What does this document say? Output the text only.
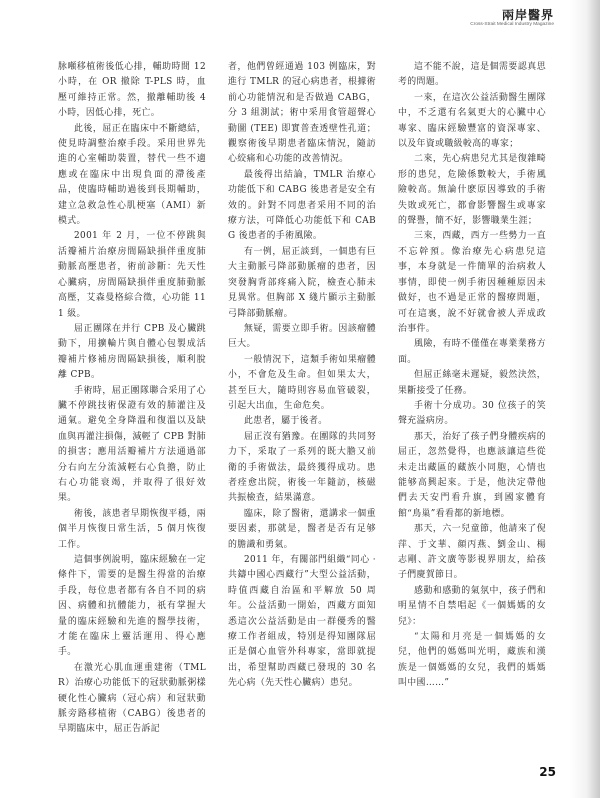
兩岸醫界
Cross-Strait Medical Industry Magazine

脉噸移植術後低心排，輔助時間 12 小時，在 OR 撤除 T-PLS 時，血壓可維持正常。然，撤離輔助後 4 小時，因低心排，死亡。

此後，屈正在臨床中不斷總結，使見時調整治療手段。采用世界先進的心室輔助裝置，替代一些不適應或在臨床中出現負面的滯後產品，使臨時輔助過後到長期輔助，建立急救急性心肌梗塞（AMI）新模式。

2001 年 2 月，一位不停跳與活瓣補片治療房間隔缺損伴重度肺動脈高壓患者，術前診斷：先天性心臟病，房間隔缺損伴重度肺動脈高壓，艾森曼格綜合徵，心功能 111 級。

屈正團隊在并行 CPB 及心臟跳動下，用擴輪片與自體心包製成活瓣補片修補房間隔缺損後，順利脫離 CPB。

手術時，屈正團隊聯合采用了心臟不停跳技術保證有效的肺灌注及通氣。避免全身降溫和復溫以及缺血與再灌注損傷，減輕了 CPB 對肺的損害；應用活瓣補片方法通過部分右向左分流減輕右心負擔，防止右心功能衰竭，并取得了很好效果。

術後，該患者早期恢復平穩，兩個半月恢復日常生活，5 個月恢復工作。

這個事例說明，臨床經驗在一定條件下，需要的是醫生得當的治療手段，每位患者都有各自不同的病因、病體和抗體能力，祇有掌握大量的臨床經驗和先進的醫學技術，才能在臨床上靈活運用、得心應手。

在激光心肌血運重建術（TMLR）治療心功能低下的冠狀動脈粥樣硬化性心臟病（冠心病）和冠狀動脈旁路移植術（CABG）後患者的早期臨床中，屈正告訴記

者，他們曾經通過 103 例臨床，對進行 TMLR 的冠心病患者，根據術前心功能情況和是否做過 CABG，分 3 組測試；術中采用食管超聲心動圖 (TEE) 即實普查透壁性孔道；觀察術後早期患者臨床情況，隨訪心絞痛和心功能的改善情況。

最後得出結論，TMLR 治療心功能低下和 CABG 後患者是安全有效的。針對不同患者采用不同的治療方法，可降低心功能低下和 CABG 後患者的手術風險。

有一例，屈正談到，一個患有巨大主動脈弓降部動脈瘤的患者，因突發胸背部疼痛入院，檢查心肺未見異常。但胸部 X 綫片顯示主動脈弓降部動脈瘤。

無疑，需要立即手術。因該瘤體巨大。

一般情況下，這類手術如果瘤體小，不會危及生命。但如果太大，甚至巨大，隨時則容易血管破裂，引起大出血，生命危矣。

此患者，屬于後者。

屈正沒有猶豫。在團隊的共同努力下，采取了一系列的既大膽又前衛的手術做法，最終獲得成功。患者痊愈出院，術後一年隨訪，核磁共振檢查，結果滿意。

臨床，除了醫術，還講求一個重要因素，那就是，醫者是否有足够的膽識和勇氣。

2011 年，有關部門組織“同心 · 共鑄中國心西藏行”大型公益活動，時值西藏自治區和平解放 50 周年。公益活動一開始，西藏方面知悉這次公益活動是由一群優秀的醫療工作者組成，特別是得知團隊屈正是個心血管外科專家，當即就提出，希望幫助西藏已發現的 30 名先心病（先天性心臟病）患兒。

這不能不說，這是個需要認真思考的問題。

一來，在這次公益活動醫生團隊中，不乏還有名氣更大的心臟中心專家、臨床經驗豐富的資深專家、以及年資或職級較高的專家；

二來，先心病患兒尤其是復雜畸形的患兒，危險係數較大，手術風險較高。無論什麽原因導致的手術失敗或死亡，都會影響醫生或專家的聲譽，簡不好，影響職業生涯；

三來，西藏，西方一些勢力一直不忘幹預。像治療先心病患兒這事，本身就是一件簡單的治病救人事情，即使一例手術因種種原因未做好，也不過是正常的醫療問題，可在這裏，說不好就會被人弄成政治事件。

風險，有時不僅僅在專業業務方面。

但屈正絲毫未遲疑，毅然決然，果斷接受了任務。

手術十分成功。30 位孩子的笑聲充溢病房。

那天，治好了孩子們身體疾病的屈正，忽然覺得，也應該讓這些從未走出藏區的藏族小同胞，心情也能够高興起來。于是，他決定帶他們去天安門看升旗，到國家體育館“鳥巢”看看都的新地標。

那天，六一兒童節，他請來了倪萍、于文華、顔丙燕、劉金山、楊志剛、許文廣等影視界朋友，給孩子們慶賀節日。

感動和感動的氣氛中，孩子們和明星情不自禁唱起《一個媽媽的女兒》：

“太陽和月亮是一個媽媽的女兒，他們的媽媽叫光明，藏族和漢族是一個媽媽的女兒，我們的媽媽叫中國……”

25
